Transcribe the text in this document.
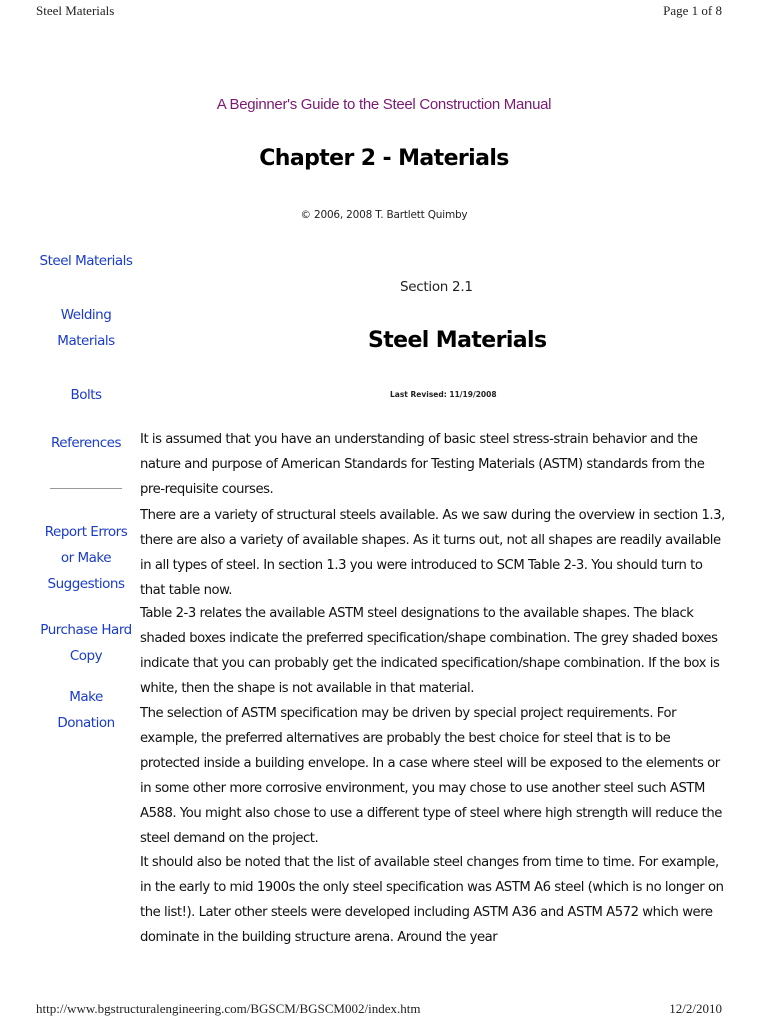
Steel Materials	Page 1 of 8
A Beginner's Guide to the Steel Construction Manual
Chapter 2 - Materials
© 2006, 2008 T. Bartlett Quimby
Steel Materials
Welding
Materials
Bolts
References
Report Errors
or Make
Suggestions
Purchase Hard
Copy
Make
Donation
Section 2.1
Steel Materials
Last Revised: 11/19/2008

It is assumed that you have an understanding of basic steel stress-strain behavior and the nature and purpose of American Standards for Testing Materials (ASTM) standards from the pre-requisite courses.

There are a variety of structural steels available. As we saw during the overview in section 1.3, there are also a variety of available shapes. As it turns out, not all shapes are readily available in all types of steel. In section 1.3 you were introduced to SCM Table 2-3. You should turn to that table now.

Table 2-3 relates the available ASTM steel designations to the available shapes. The black shaded boxes indicate the preferred specification/shape combination. The grey shaded boxes indicate that you can probably get the indicated specification/shape combination. If the box is white, then the shape is not available in that material.

The selection of ASTM specification may be driven by special project requirements. For example, the preferred alternatives are probably the best choice for steel that is to be protected inside a building envelope. In a case where steel will be exposed to the elements or in some other more corrosive environment, you may chose to use another steel such ASTM A588. You might also chose to use a different type of steel where high strength will reduce the steel demand on the project.

It should also be noted that the list of available steel changes from time to time. For example, in the early to mid 1900s the only steel specification was ASTM A6 steel (which is no longer on the list!). Later other steels were developed including ASTM A36 and ASTM A572 which were dominate in the building structure arena. Around the year

http://www.bgstructuralengineering.com/BGSCM/BGSCM002/index.htm	12/2/2010
